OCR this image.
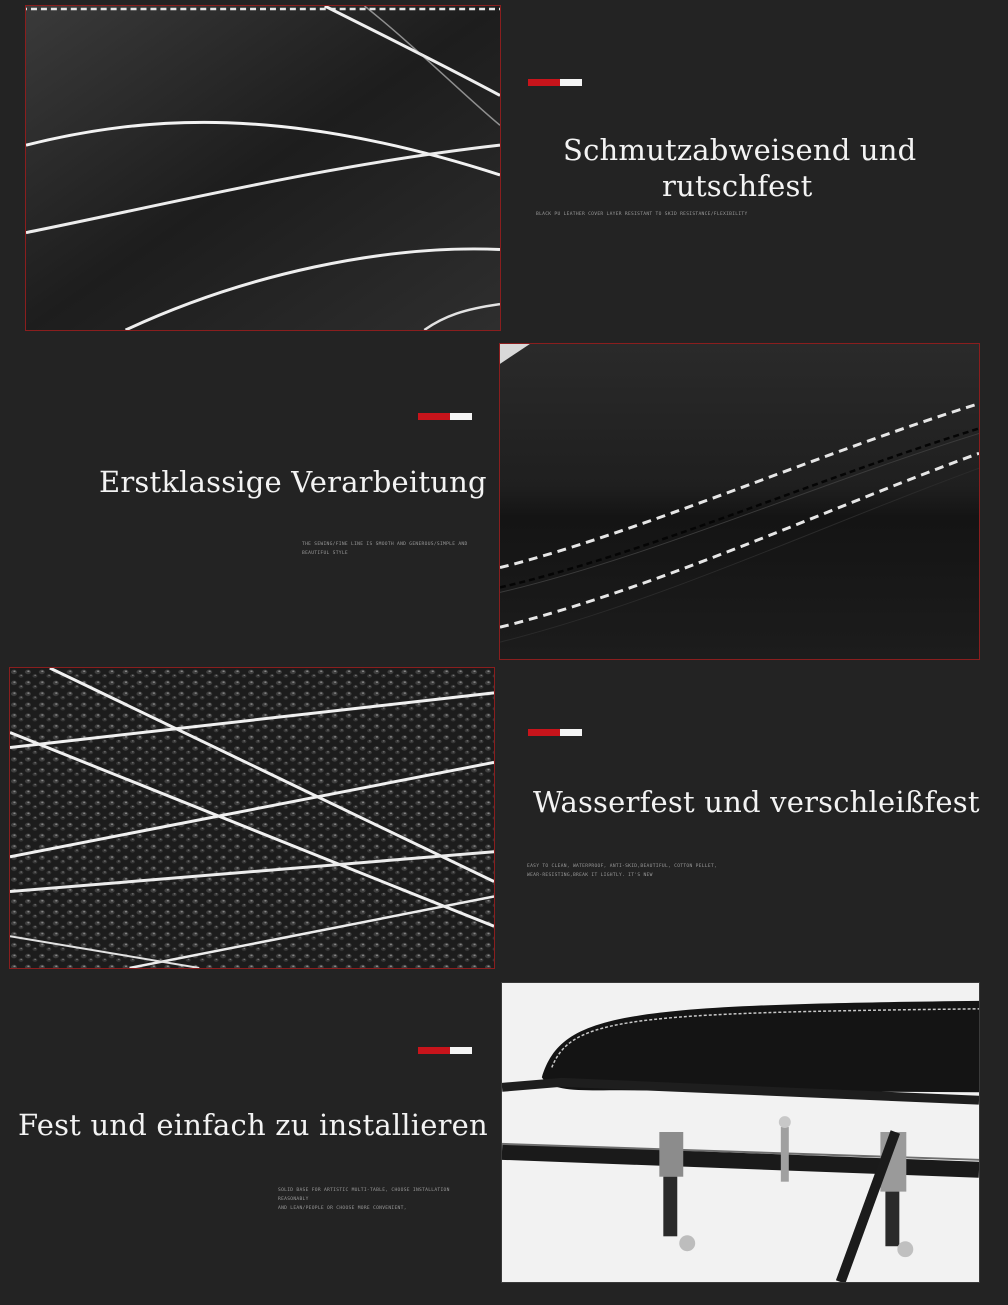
Schmutzabweisend und
rutschfest
BLACK PU LEATHER COVER LAYER RESISTANT TO SKID RESISTANCE/FLEXIBILITY
Erstklassige Verarbeitung
THE SEWING/FINE LINE IS SMOOTH AND GENEROUS/SIMPLE AND BEAUTIFUL STYLE
Wasserfest und verschleißfest
EASY TO CLEAN, WATERPROOF, ANTI-SKID,BEAUTIFUL, COTTON PELLET,
WEAR-RESISTING,BREAK IT LIGHTLY. IT'S NEW
Fest und einfach zu installieren
SOLID BASE FOR ARTISTIC MULTI-TABLE, CHOOSE INSTALLATION REASONABLY
AND LEAN/PEOPLE OR CHOOSE MORE CONVENIENT,
